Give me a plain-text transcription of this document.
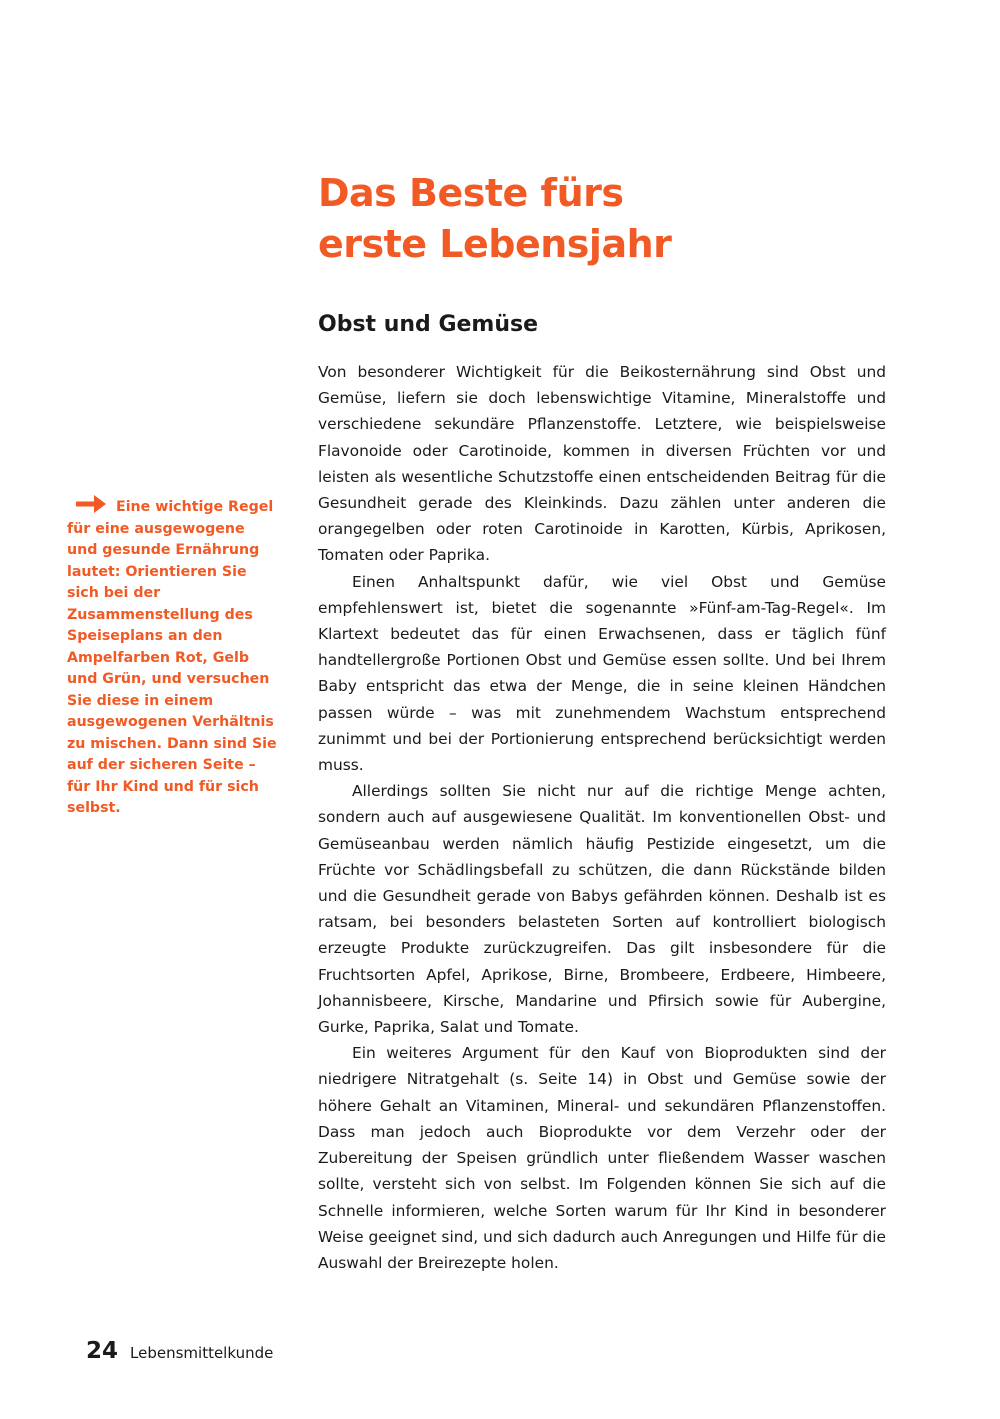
Das Beste fürs
erste Lebensjahr
Obst und Gemüse

Von besonderer Wichtigkeit für die Beikosternährung sind Obst und Gemüse, liefern sie doch lebenswichtige Vitamine, Mineralstoffe und verschiedene sekundäre Pflanzenstoffe. Letztere, wie beispielsweise Flavonoide oder Carotinoide, kommen in diversen Früchten vor und leisten als wesentliche Schutzstoffe einen entscheidenden Beitrag für die Gesundheit gerade des Kleinkinds. Dazu zählen unter anderen die orangegelben oder roten Carotinoide in Karotten, Kürbis, Aprikosen, Tomaten oder Paprika.

Einen Anhaltspunkt dafür, wie viel Obst und Gemüse empfehlenswert ist, bietet die sogenannte »Fünf-am-Tag-Regel«. Im Klartext bedeutet das für einen Erwachsenen, dass er täglich fünf handtellergroße Portionen Obst und Gemüse essen sollte. Und bei Ihrem Baby entspricht das etwa der Menge, die in seine kleinen Händchen passen würde – was mit zunehmendem Wachstum entsprechend zunimmt und bei der Portionierung entsprechend berücksichtigt werden muss.

Allerdings sollten Sie nicht nur auf die richtige Menge achten, sondern auch auf ausgewiesene Qualität. Im konventionellen Obst- und Gemüseanbau werden nämlich häufig Pestizide eingesetzt, um die Früchte vor Schädlingsbefall zu schützen, die dann Rückstände bilden und die Gesundheit gerade von Babys gefährden können. Deshalb ist es ratsam, bei besonders belasteten Sorten auf kontrolliert biologisch erzeugte Produkte zurückzugreifen. Das gilt insbesondere für die Fruchtsorten Apfel, Aprikose, Birne, Brombeere, Erdbeere, Himbeere, Johannisbeere, Kirsche, Mandarine und Pfirsich sowie für Aubergine, Gurke, Paprika, Salat und Tomate.

Ein weiteres Argument für den Kauf von Bioprodukten sind der niedrigere Nitratgehalt (s. Seite 14) in Obst und Gemüse sowie der höhere Gehalt an Vitaminen, Mineral- und sekundären Pflanzenstoffen. Dass man jedoch auch Bioprodukte vor dem Verzehr oder der Zubereitung der Speisen gründlich unter fließendem Wasser waschen sollte, versteht sich von selbst. Im Folgenden können Sie sich auf die Schnelle informieren, welche Sorten warum für Ihr Kind in besonderer Weise geeignet sind, und sich dadurch auch Anregungen und Hilfe für die Auswahl der Breirezepte holen.

Eine wichtige Regel für eine ausgewogene und gesunde Ernährung lautet: Orientieren Sie sich bei der Zusammenstellung des Speiseplans an den Ampelfarben Rot, Gelb und Grün, und versuchen Sie diese in einem ausgewogenen Verhältnis zu mischen. Dann sind Sie auf der sicheren Seite – für Ihr Kind und für sich selbst.
24 Lebensmittelkunde
